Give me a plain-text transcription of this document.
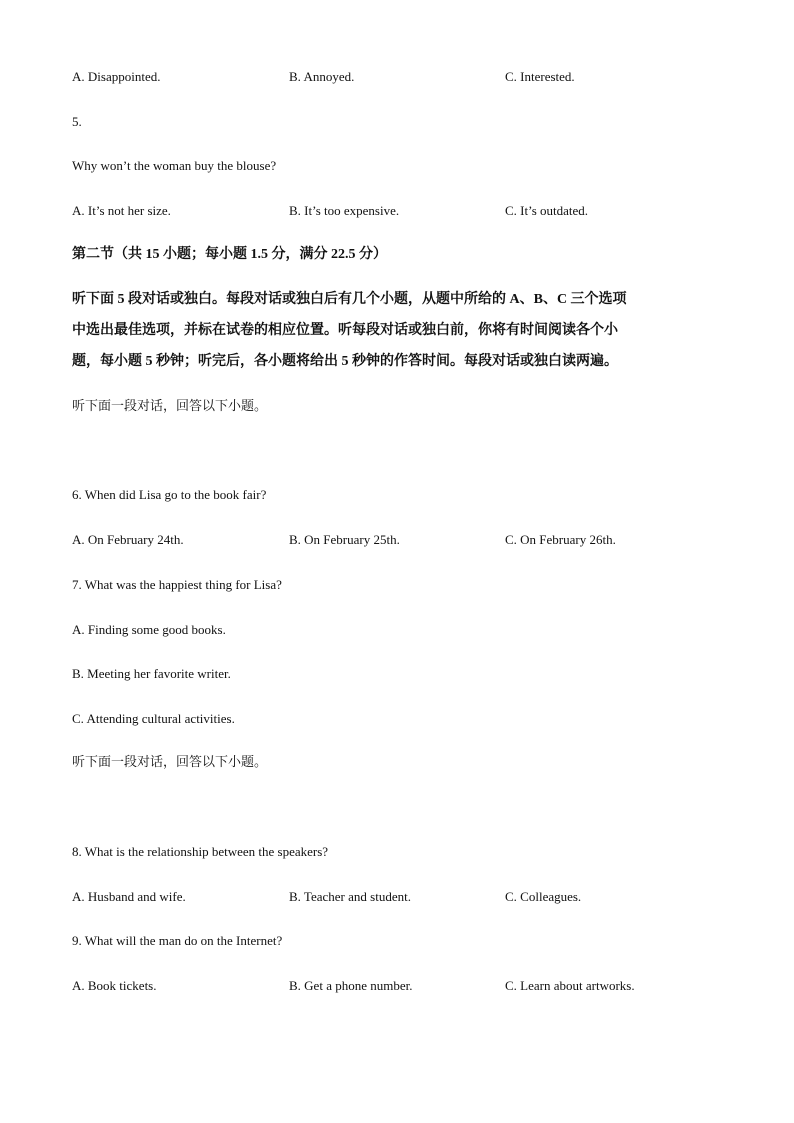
A. Disappointed.	B. Annoyed.	C. Interested.
5.
Why won’t the woman buy the blouse?
A. It’s not her size.	B. It’s too expensive.	C. It’s outdated.
第二节（共 15 小题；每小题 1.5 分，满分 22.5 分）
听下面 5 段对话或独白。每段对话或独白后有几个小题，从题中所给的 A、B、C 三个选项
中选出最佳选项，并标在试卷的相应位置。听每段对话或独白前，你将有时间阅读各个小
题，每小题 5 秒钟；听完后，各小题将给出 5 秒钟的作答时间。每段对话或独白读两遍。
听下面一段对话，回答以下小题。
6. When did Lisa go to the book fair?
A. On February 24th.	B. On February 25th.	C. On February 26th.
7. What was the happiest thing for Lisa?
A. Finding some good books.
B. Meeting her favorite writer.
C. Attending cultural activities.
听下面一段对话，回答以下小题。
8. What is the relationship between the speakers?
A. Husband and wife.	B. Teacher and student.	C. Colleagues.
9. What will the man do on the Internet?
A. Book tickets.	B. Get a phone number.	C. Learn about artworks.
